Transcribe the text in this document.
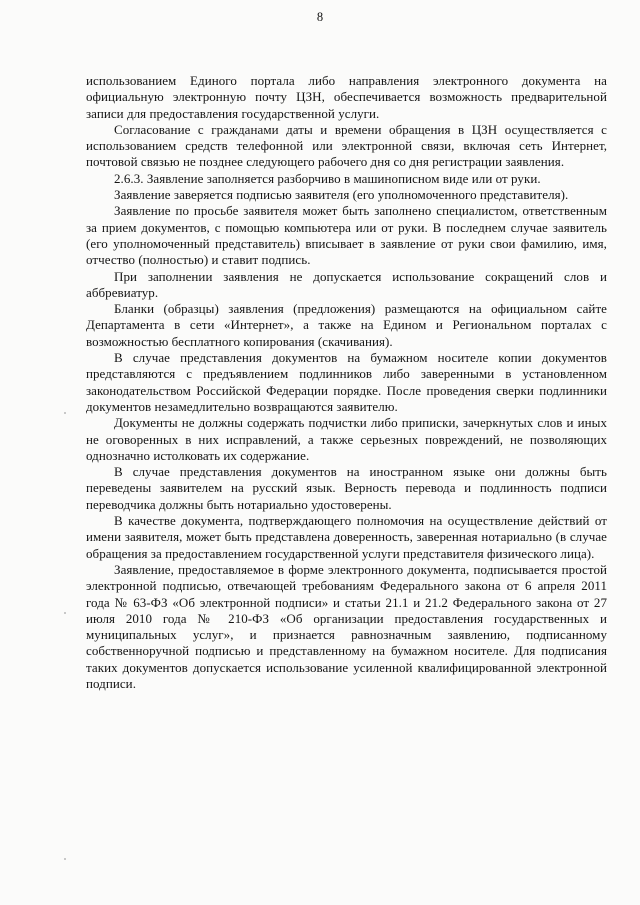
8

использованием Единого портала либо направления электронного документа на официальную электронную почту ЦЗН, обеспечивается возможность предварительной записи для предоставления государственной услуги.

Согласование с гражданами даты и времени обращения в ЦЗН осуществляется с использованием средств телефонной или электронной связи, включая сеть Интернет, почтовой связью не позднее следующего рабочего дня со дня регистрации заявления.

2.6.3. Заявление заполняется разборчиво в машинописном виде или от руки.

Заявление заверяется подписью заявителя (его уполномоченного представителя).

Заявление по просьбе заявителя может быть заполнено специалистом, ответственным за прием документов, с помощью компьютера или от руки. В последнем случае заявитель (его уполномоченный представитель) вписывает в заявление от руки свои фамилию, имя, отчество (полностью) и ставит подпись.

При заполнении заявления не допускается использование сокращений слов и аббревиатур.

Бланки (образцы) заявления (предложения) размещаются на официальном сайте Департамента в сети «Интернет», а также на Едином и Региональном порталах с возможностью бесплатного копирования (скачивания).

В случае представления документов на бумажном носителе копии документов представляются с предъявлением подлинников либо заверенными в установленном законодательством Российской Федерации порядке. После проведения сверки подлинники документов незамедлительно возвращаются заявителю.

Документы не должны содержать подчистки либо приписки, зачеркнутых слов и иных не оговоренных в них исправлений, а также серьезных повреждений, не позволяющих однозначно истолковать их содержание.

В случае представления документов на иностранном языке они должны быть переведены заявителем на русский язык. Верность перевода и подлинность подписи переводчика должны быть нотариально удостоверены.

В качестве документа, подтверждающего полномочия на осуществление действий от имени заявителя, может быть представлена доверенность, заверенная нотариально (в случае обращения за предоставлением государственной услуги представителя физического лица).

Заявление, предоставляемое в форме электронного документа, подписывается простой электронной подписью, отвечающей требованиям Федерального закона от 6 апреля 2011 года № 63-ФЗ «Об электронной подписи» и статьи 21.1 и 21.2 Федерального закона от 27 июля 2010 года № 210-ФЗ «Об организации предоставления государственных и муниципальных услуг», и признается равнозначным заявлению, подписанному собственноручной подписью и представленному на бумажном носителе. Для подписания таких документов допускается использование усиленной квалифицированной электронной подписи.
